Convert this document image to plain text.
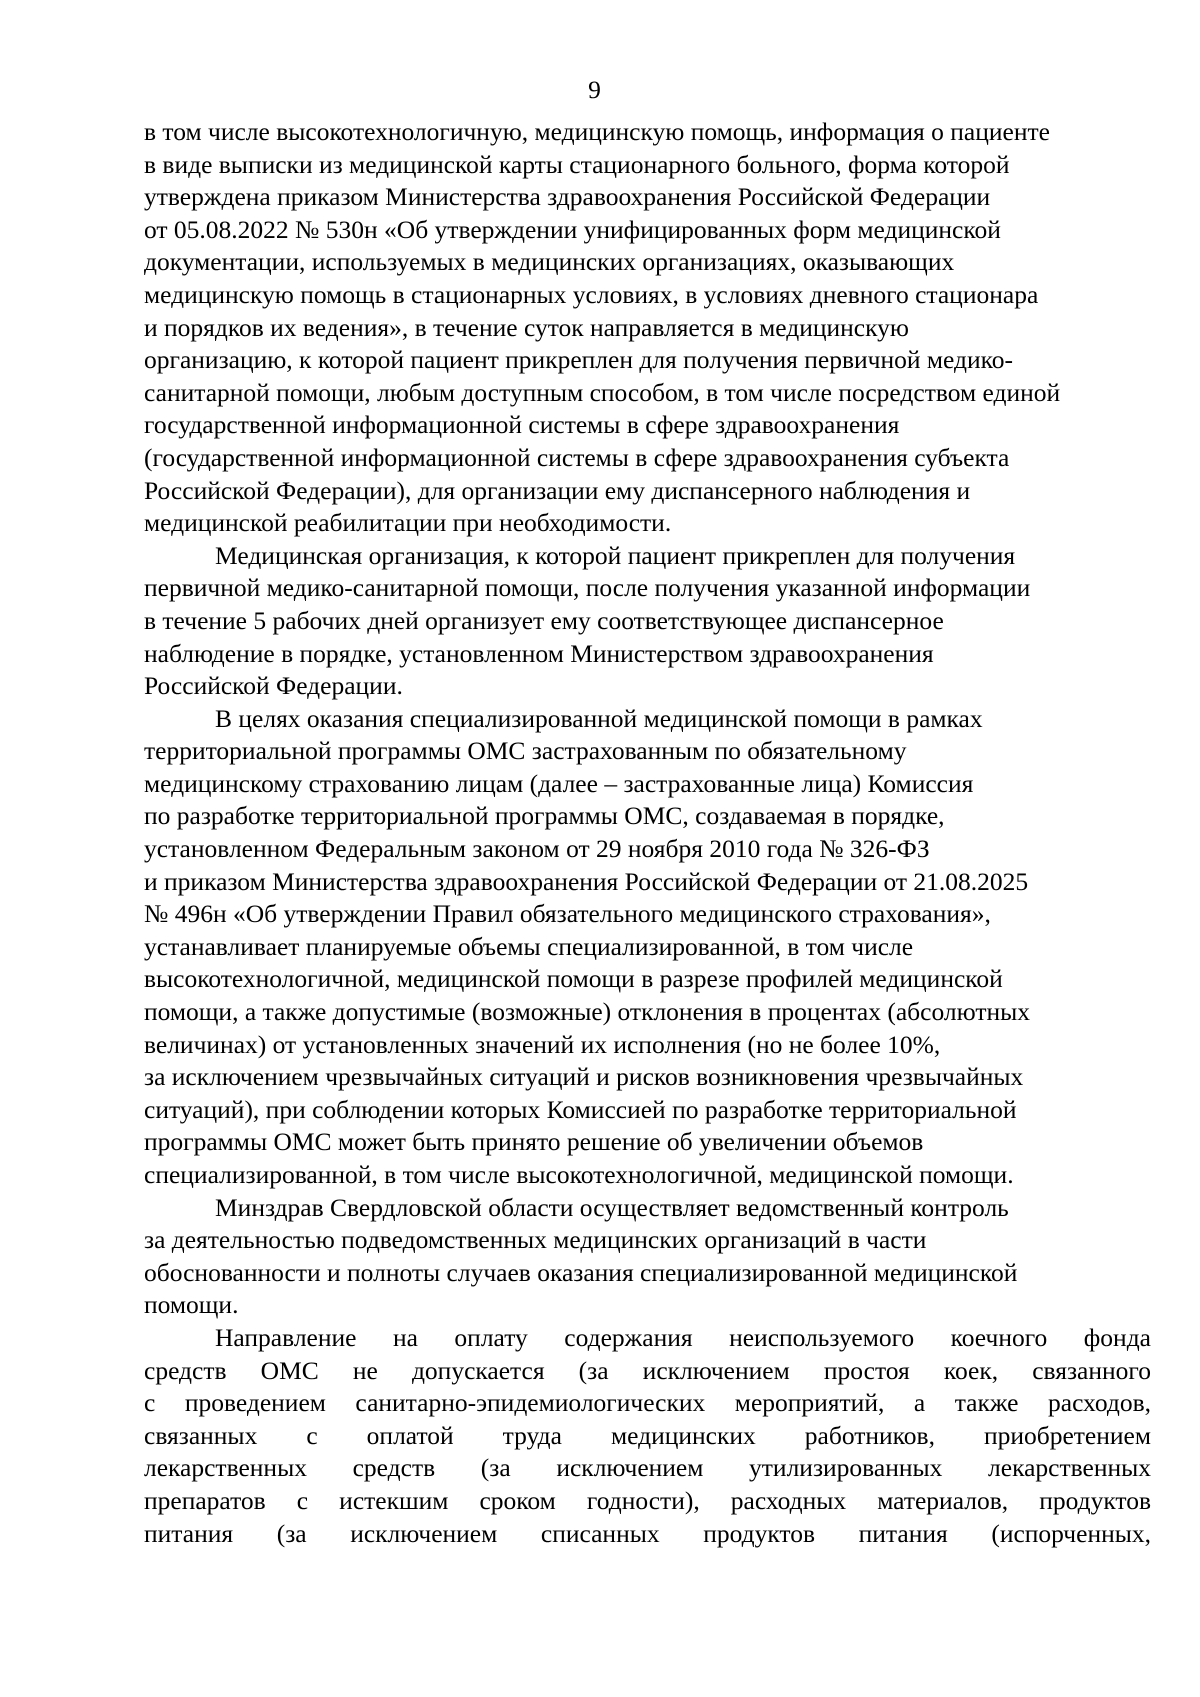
9

в том числе высокотехнологичную, медицинскую помощь, информация о пациенте
в виде выписки из медицинской карты стационарного больного, форма которой
утверждена приказом Министерства здравоохранения Российской Федерации
от 05.08.2022 № 530н «Об утверждении унифицированных форм медицинской
документации, используемых в медицинских организациях, оказывающих
медицинскую помощь в стационарных условиях, в условиях дневного стационара
и порядков их ведения», в течение суток направляется в медицинскую
организацию, к которой пациент прикреплен для получения первичной медико-
санитарной помощи, любым доступным способом, в том числе посредством единой
государственной информационной системы в сфере здравоохранения
(государственной информационной системы в сфере здравоохранения субъекта
Российской Федерации), для организации ему диспансерного наблюдения и
медицинской реабилитации при необходимости.

Медицинская организация, к которой пациент прикреплен для получения
первичной медико-санитарной помощи, после получения указанной информации
в течение 5 рабочих дней организует ему соответствующее диспансерное
наблюдение в порядке, установленном Министерством здравоохранения
Российской Федерации.

В целях оказания специализированной медицинской помощи в рамках
территориальной программы ОМС застрахованным по обязательному
медицинскому страхованию лицам (далее – застрахованные лица) Комиссия
по разработке территориальной программы ОМС, создаваемая в порядке,
установленном Федеральным законом от 29 ноября 2010 года № 326-ФЗ
и приказом Министерства здравоохранения Российской Федерации от 21.08.2025
№ 496н «Об утверждении Правил обязательного медицинского страхования»,
устанавливает планируемые объемы специализированной, в том числе
высокотехнологичной, медицинской помощи в разрезе профилей медицинской
помощи, а также допустимые (возможные) отклонения в процентах (абсолютных
величинах) от установленных значений их исполнения (но не более 10%,
за исключением чрезвычайных ситуаций и рисков возникновения чрезвычайных
ситуаций), при соблюдении которых Комиссией по разработке территориальной
программы ОМС может быть принято решение об увеличении объемов
специализированной, в том числе высокотехнологичной, медицинской помощи.

Минздрав Свердловской области осуществляет ведомственный контроль
за деятельностью подведомственных медицинских организаций в части
обоснованности и полноты случаев оказания специализированной медицинской
помощи.

Направление на оплату содержания неиспользуемого коечного фонда
средств ОМС не допускается (за исключением простоя коек, связанного
с проведением санитарно-эпидемиологических мероприятий, а также расходов,
связанных с оплатой труда медицинских работников, приобретением
лекарственных средств (за исключением утилизированных лекарственных
препаратов с истекшим сроком годности), расходных материалов, продуктов
питания (за исключением списанных продуктов питания (испорченных,
